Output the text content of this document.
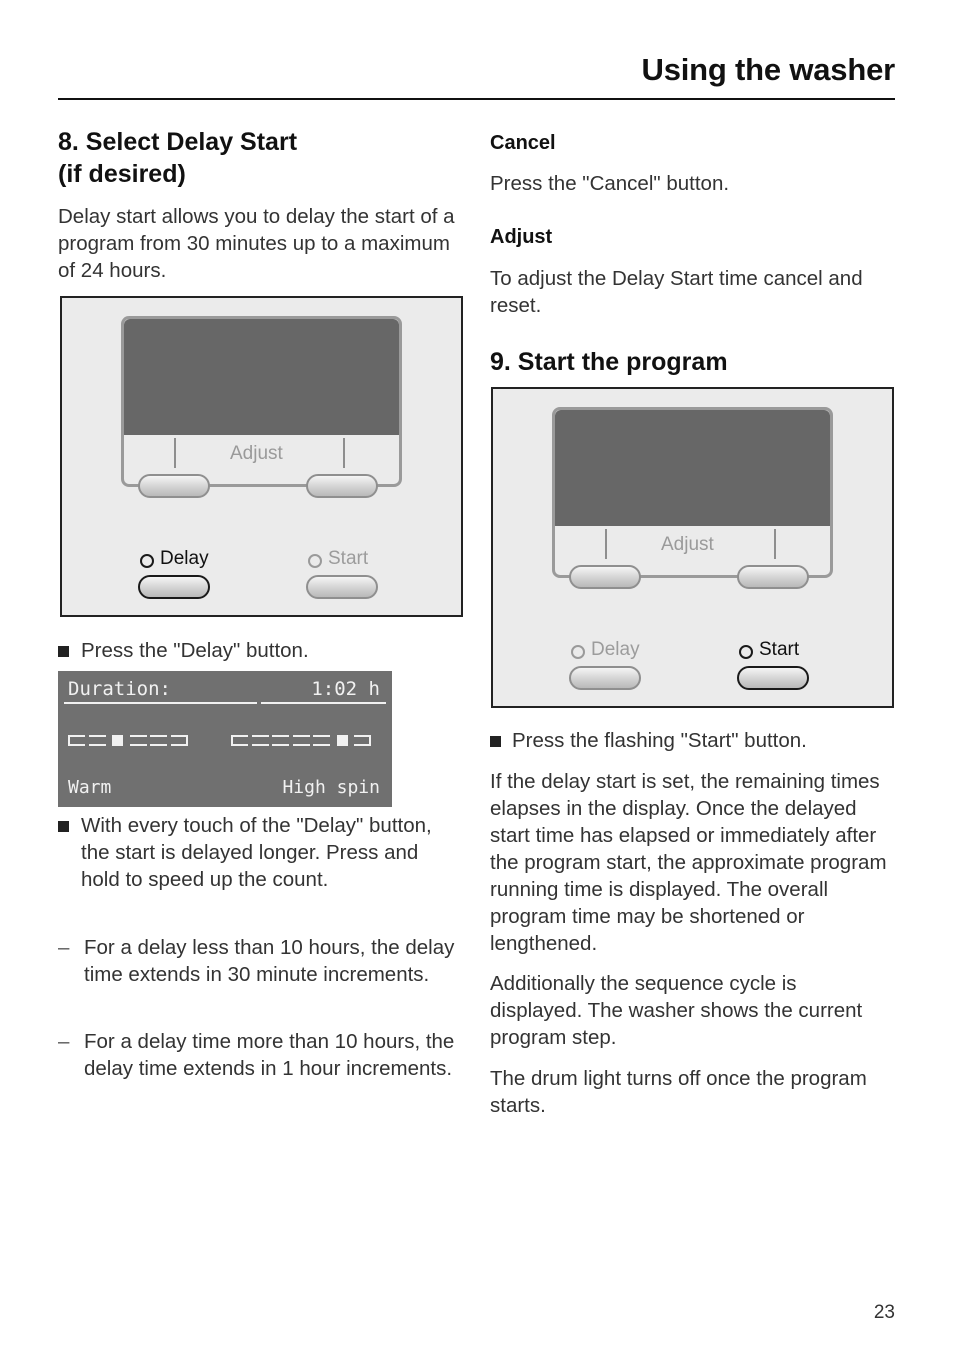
Using the washer
8. Select Delay Start
(if desired)

Delay start allows you to delay the start of a program from 30 minutes up to a maximum of 24 hours.

Adjust
Delay	Start
Press the "Delay" button.
Duration:	1:02 h
Warm	High spin

With every touch of the "Delay" button, the start is delayed longer. Press and hold to speed up the count.

– For a delay less than 10 hours, the delay time extends in 30 minute increments.

– For a delay time more than 10 hours, the delay time extends in 1 hour increments.

Cancel

Press the "Cancel" button.

Adjust

To adjust the Delay Start time cancel and reset.

9. Start the program
Adjust
Delay	Start
Press the flashing "Start" button.

If the delay start is set, the remaining times elapses in the display. Once the delayed start time has elapsed or immediately after the program start, the approximate program running time is displayed. The overall program time may be shortened or lengthened.

Additionally the sequence cycle is displayed. The washer shows the current program step.

The drum light turns off once the program starts.

23
